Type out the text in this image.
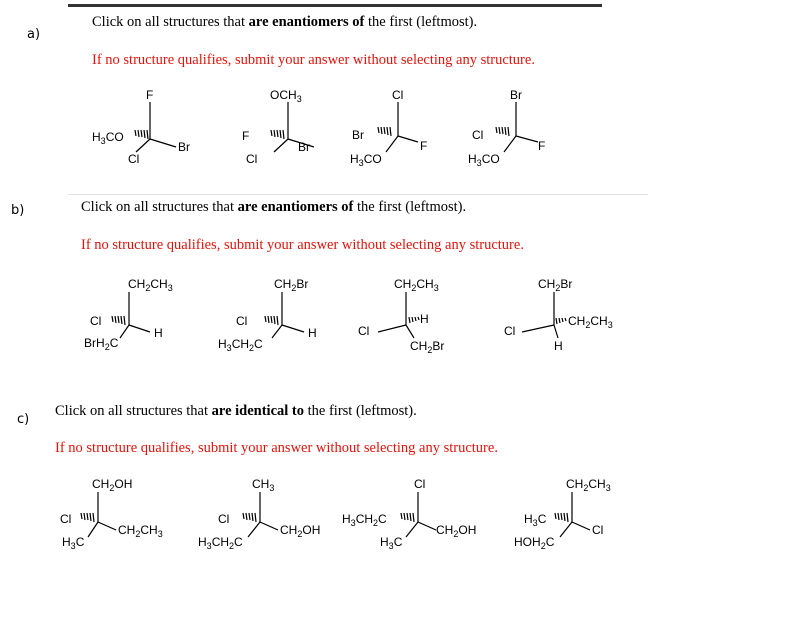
a)
Click on all structures that are enantiomers of the first (leftmost).
If no structure qualifies, submit your answer without selecting any structure.
F
$H_3CO$
Br
Cl
$OCH_3$
F
Br
Cl
Cl
Br
F
$H_3CO$
Br
Cl
F
$H_3CO$
b)	Click on all structures that are enantiomers of the first (leftmost).
If no structure qualifies, submit your answer without selecting any structure.
$CH_2CH_3$
Cl
H
BrH$_2$C
$CH_2Br$
Cl
H
$H_3CH_2C$
$CH_2CH_3$
Cl
H
$CH_2Br$
$CH_2Br$
Cl
$CH_2CH_3$
H
c)
Click on all structures that are identical to the first (leftmost).
If no structure qualifies, submit your answer without selecting any structure.
$CH_2OH$
Cl
$CH_2CH_3$
$H_3C$
$CH_3$
Cl
$CH_2OH$
$H_3CH_2C$
Cl
$H_3CH_2C$
$CH_2OH$
$H_3C$
$CH_2CH_3$
$H_3C$
Cl
$HOH_2C$
